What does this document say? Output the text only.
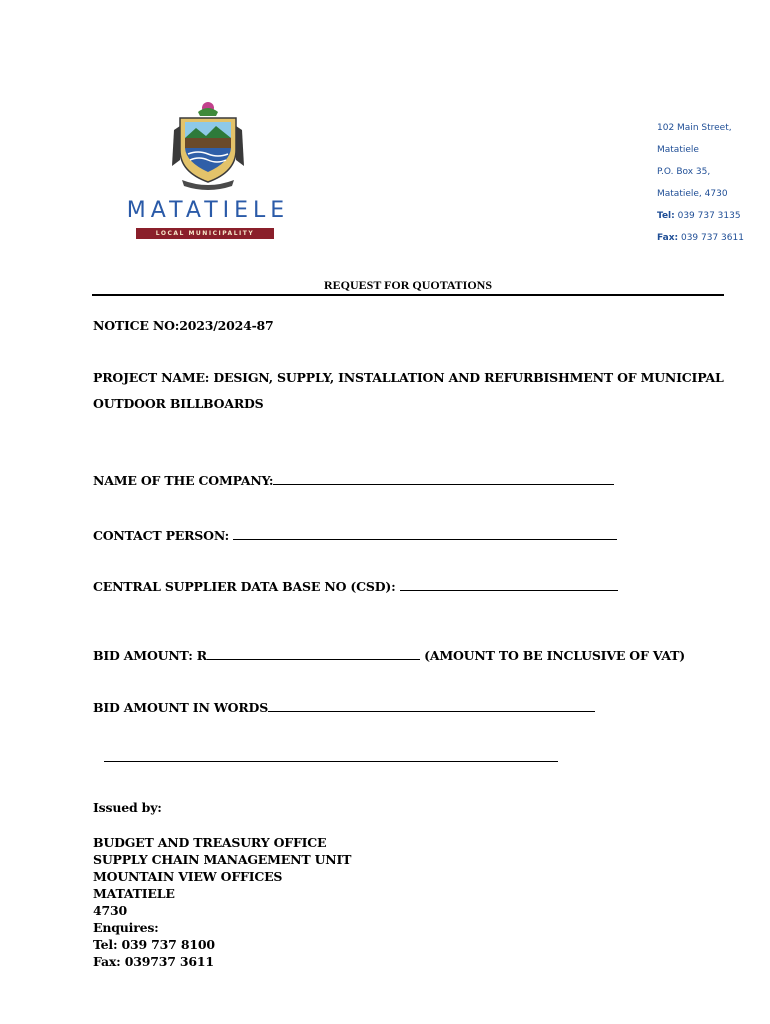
MATATIELE
LOCAL MUNICIPALITY
102 Main Street,
Matatiele
P.O. Box 35,
Matatiele, 4730
Tel: 039 737 3135
Fax: 039 737 3611
REQUEST FOR QUOTATIONS
NOTICE NO:2023/2024-87
PROJECT NAME: DESIGN, SUPPLY, INSTALLATION AND REFURBISHMENT OF MUNICIPAL
OUTDOOR BILLBOARDS
NAME OF THE COMPANY:
CONTACT PERSON:
CENTRAL SUPPLIER DATA BASE NO (CSD):
BID AMOUNT: R	(AMOUNT TO BE INCLUSIVE OF VAT)
BID AMOUNT IN WORDS
Issued by:
BUDGET AND TREASURY OFFICE
SUPPLY CHAIN MANAGEMENT UNIT
MOUNTAIN VIEW OFFICES
MATATIELE
4730
Enquires:
Tel: 039 737 8100
Fax: 039737 3611
